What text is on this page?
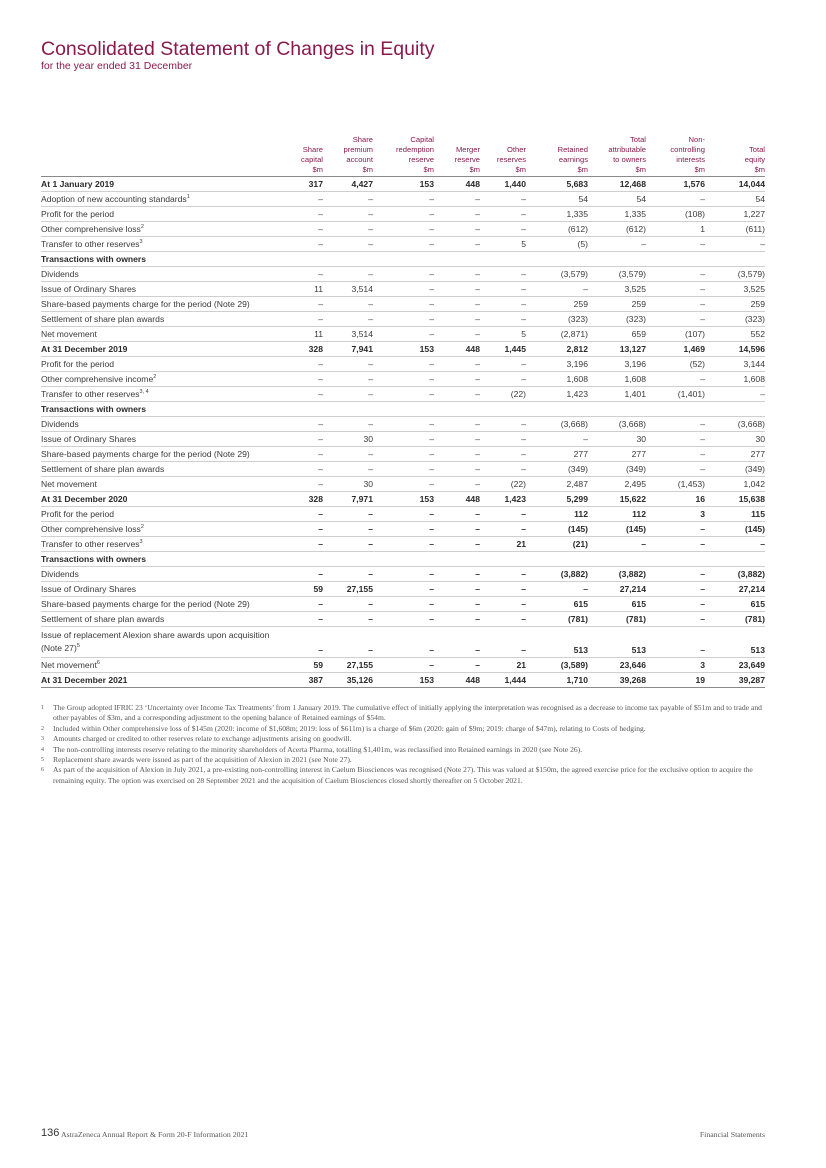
Consolidated Statement of Changes in Equity
for the year ended 31 December
	Share
capital
$m	Share
premium
account
$m	Capital
redemption
reserve
$m	Merger
reserve
$m	Other
reserves
$m	Retained
earnings
$m	Total
attributable
to owners
$m	Non-
controlling
interests
$m	Total
equity
$m
At 1 January 2019	317	4,427	153	448	1,440	5,683	12,468	1,576	14,044
Adoption of new accounting standards$^1$	–	–	–	–	–	54	54	–	54
Profit for the period	–	–	–	–	–	1,335	1,335	(108)	1,227
Other comprehensive loss$^2$	–	–	–	–	–	(612)	(612)	1	(611)
Transfer to other reserves$^3$	–	–	–	–	5	(5)	–	–	–
Transactions with owners									
Dividends	–	–	–	–	–	(3,579)	(3,579)	–	(3,579)
Issue of Ordinary Shares	11	3,514	–	–	–	–	3,525	–	3,525
Share-based payments charge for the period (Note 29)	–	–	–	–	–	259	259	–	259
Settlement of share plan awards	–	–	–	–	–	(323)	(323)	–	(323)
Net movement	11	3,514	–	–	5	(2,871)	659	(107)	552
At 31 December 2019	328	7,941	153	448	1,445	2,812	13,127	1,469	14,596
Profit for the period	–	–	–	–	–	3,196	3,196	(52)	3,144
Other comprehensive income$^2$	–	–	–	–	–	1,608	1,608	–	1,608
Transfer to other reserves$^{3, 4}$	–	–	–	–	(22)	1,423	1,401	(1,401)	–
Transactions with owners									
Dividends	–	–	–	–	–	(3,668)	(3,668)	–	(3,668)
Issue of Ordinary Shares	–	30	–	–	–	–	30	–	30
Share-based payments charge for the period (Note 29)	–	–	–	–	–	277	277	–	277
Settlement of share plan awards	–	–	–	–	–	(349)	(349)	–	(349)
Net movement	–	30	–	–	(22)	2,487	2,495	(1,453)	1,042
At 31 December 2020	328	7,971	153	448	1,423	5,299	15,622	16	15,638
Profit for the period	–	–	–	–	–	112	112	3	115
Other comprehensive loss$^2$	–	–	–	–	–	(145)	(145)	–	(145)
Transfer to other reserves$^3$	–	–	–	–	21	(21)	–	–	–
Transactions with owners									
Dividends	–	–	–	–	–	(3,882)	(3,882)	–	(3,882)
Issue of Ordinary Shares	59	27,155	–	–	–	–	27,214	–	27,214
Share-based payments charge for the period (Note 29)	–	–	–	–	–	615	615	–	615
Settlement of share plan awards	–	–	–	–	–	(781)	(781)	–	(781)
Issue of replacement Alexion share awards upon acquisition (Note 27)$^5$	–	–	–	–	–	513	513	–	513
Net movement$^6$	59	27,155	–	–	21	(3,589)	23,646	3	23,649
At 31 December 2021	387	35,126	153	448	1,444	1,710	39,268	19	39,287
1	The Group adopted IFRIC 23 ‘Uncertainty over Income Tax Treatments’ from 1 January 2019. The cumulative effect of initially applying the interpretation was recognised as a decrease to income tax payable of $51m and to trade and other payables of $3m, and a corresponding adjustment to the opening balance of Retained earnings of $54m.
2	Included within Other comprehensive loss of $145m (2020: income of $1,608m; 2019: loss of $611m) is a charge of $6m (2020: gain of $9m; 2019: charge of $47m), relating to Costs of hedging.
3	Amounts charged or credited to other reserves relate to exchange adjustments arising on goodwill.
4	The non-controlling interests reserve relating to the minority shareholders of Acerta Pharma, totalling $1,401m, was reclassified into Retained earnings in 2020 (see Note 26).
5	Replacement share awards were issued as part of the acquisition of Alexion in 2021 (see Note 27).
6	As part of the acquisition of Alexion in July 2021, a pre-existing non-controlling interest in Caelum Biosciences was recognised (Note 27). This was valued at $150m, the agreed exercise price for the exclusive option to acquire the remaining equity. The option was exercised on 28 September 2021 and the acquisition of Caelum Biosciences closed shortly thereafter on 5 October 2021.
136 AstraZeneca Annual Report & Form 20-F Information 2021	Financial Statements
